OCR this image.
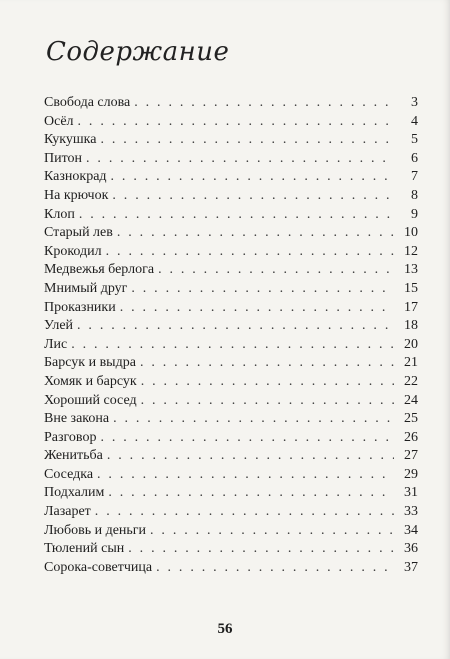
Содержание
Свобода слова . . .	3
Осёл . . .	4
Кукушка . . .	5
Питон . . .	6
Казнокрад . . .	7
На крючок . . .	8
Клоп . . .	9
Старый лев . . .	10
Крокодил . . .	12
Медвежья берлога . . .	13
Мнимый друг . . .	15
Проказники . . .	17
Улей . . .	18
Лис . . .	20
Барсук и выдра . . .	21
Хомяк и барсук . . .	22
Хороший сосед . . .	24
Вне закона . . .	25
Разговор . . .	26
Женитьба . . .	27
Соседка . . .	29
Подхалим . . .	31
Лазарет . . .	33
Любовь и деньги . . .	34
Тюлений сын . . .	36
Сорока-советчица . . .	37
56
